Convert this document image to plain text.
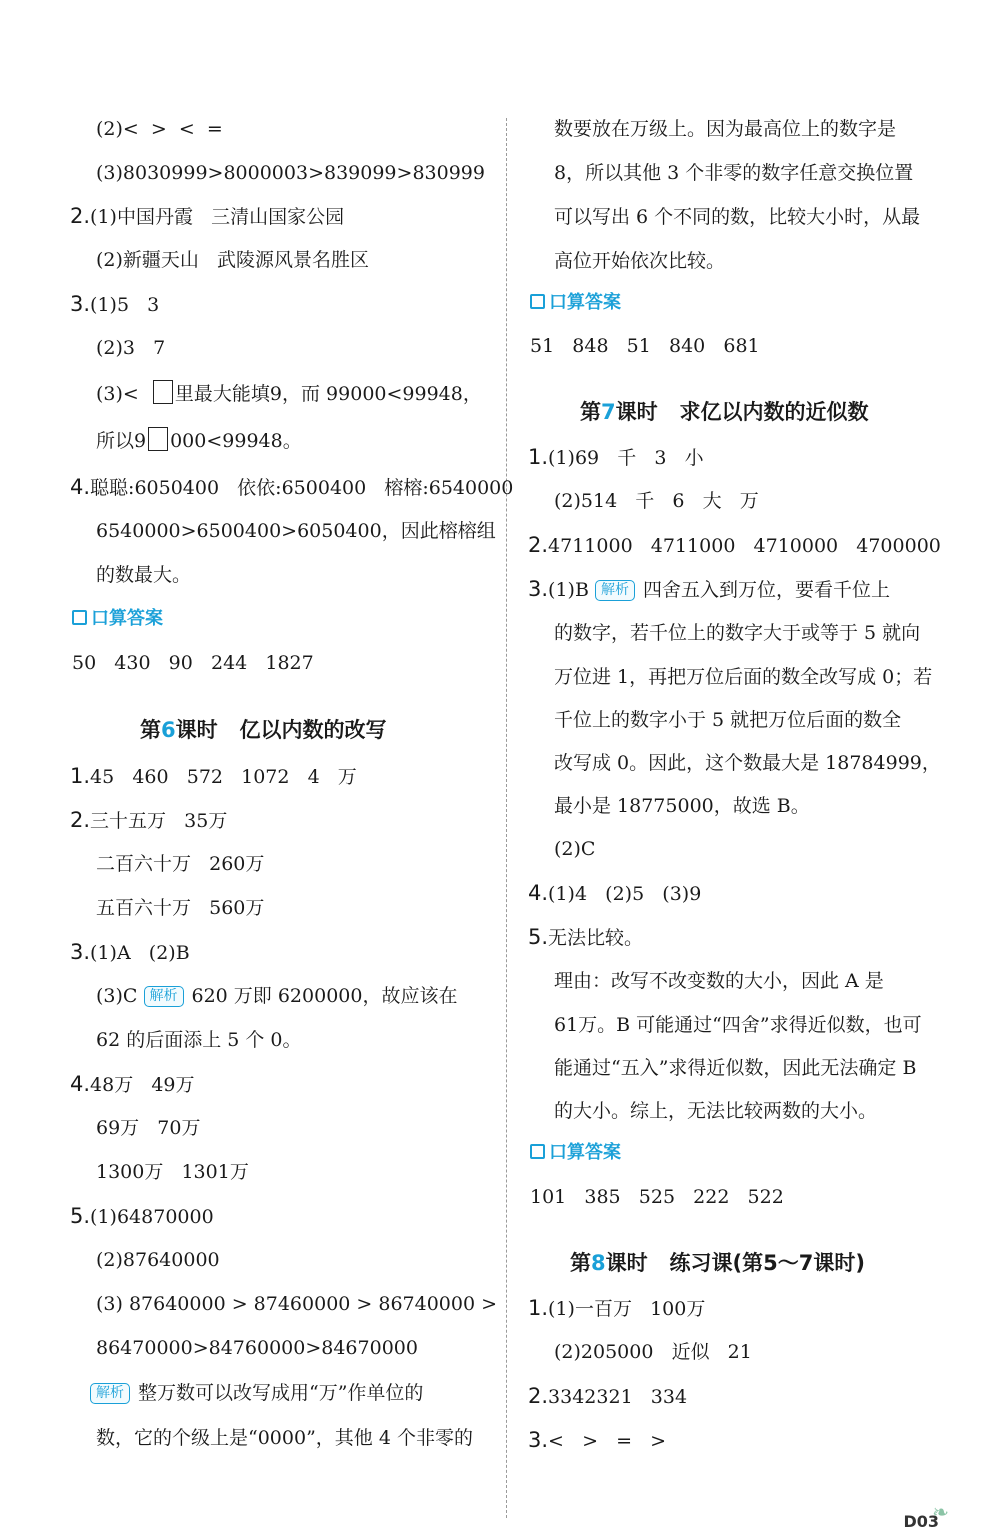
(2)<  >  <  =
(3)8030999>8000003>839099>830999
2.(1)中国丹霞   三清山国家公园
(2)新疆天山   武陵源风景名胜区
3.(1)5   3
(2)3   7
(3)<  里最大能填9，而 99000<99948，
所以9 000<99948。
4.聪聪:6050400   依依:6500400   榕榕:6540000
6540000>6500400>6050400，因此榕榕组
的数最大。
口算答案
50   430   90   244   1827
第6课时   亿以内数的改写
1.45   460   572   1072   4   万
2.三十五万   35万
二百六十万   260万
五百六十万   560万
3.(1)A   (2)B
(3)C 解析 620 万即 6200000，故应该在
62 的后面添上 5 个 0。
4.48万   49万
69万   70万
1300万   1301万
5.(1)64870000
(2)87640000
(3) 87640000 > 87460000 > 86740000 >
86470000>84760000>84670000
解析 整万数可以改写成用“万”作单位的
数，它的个级上是“0000”，其他 4 个非零的
数要放在万级上。因为最高位上的数字是
8，所以其他 3 个非零的数字任意交换位置
可以写出 6 个不同的数，比较大小时，从最
高位开始依次比较。
口算答案
51   848   51   840   681
第7课时   求亿以内数的近似数
1.(1)69   千   3   小
(2)514   千   6   大   万
2.4711000   4711000   4710000   4700000
3.(1)B 解析 四舍五入到万位，要看千位上
的数字，若千位上的数字大于或等于 5 就向
万位进 1，再把万位后面的数全改写成 0；若
千位上的数字小于 5 就把万位后面的数全
改写成 0。因此，这个数最大是 18784999，
最小是 18775000，故选 B。
(2)C
4.(1)4   (2)5   (3)9
5.无法比较。
理由：改写不改变数的大小，因此 A 是
61万。B 可能通过“四舍”求得近似数，也可
能通过“五入”求得近似数，因此无法确定 B
的大小。综上，无法比较两数的大小。
口算答案
101   385   525   222   522
第8课时   练习课(第5～7课时)
1.(1)一百万   100万
(2)205000   近似   21
2.3342321   334
3.<   >   =   >
D03
❧
